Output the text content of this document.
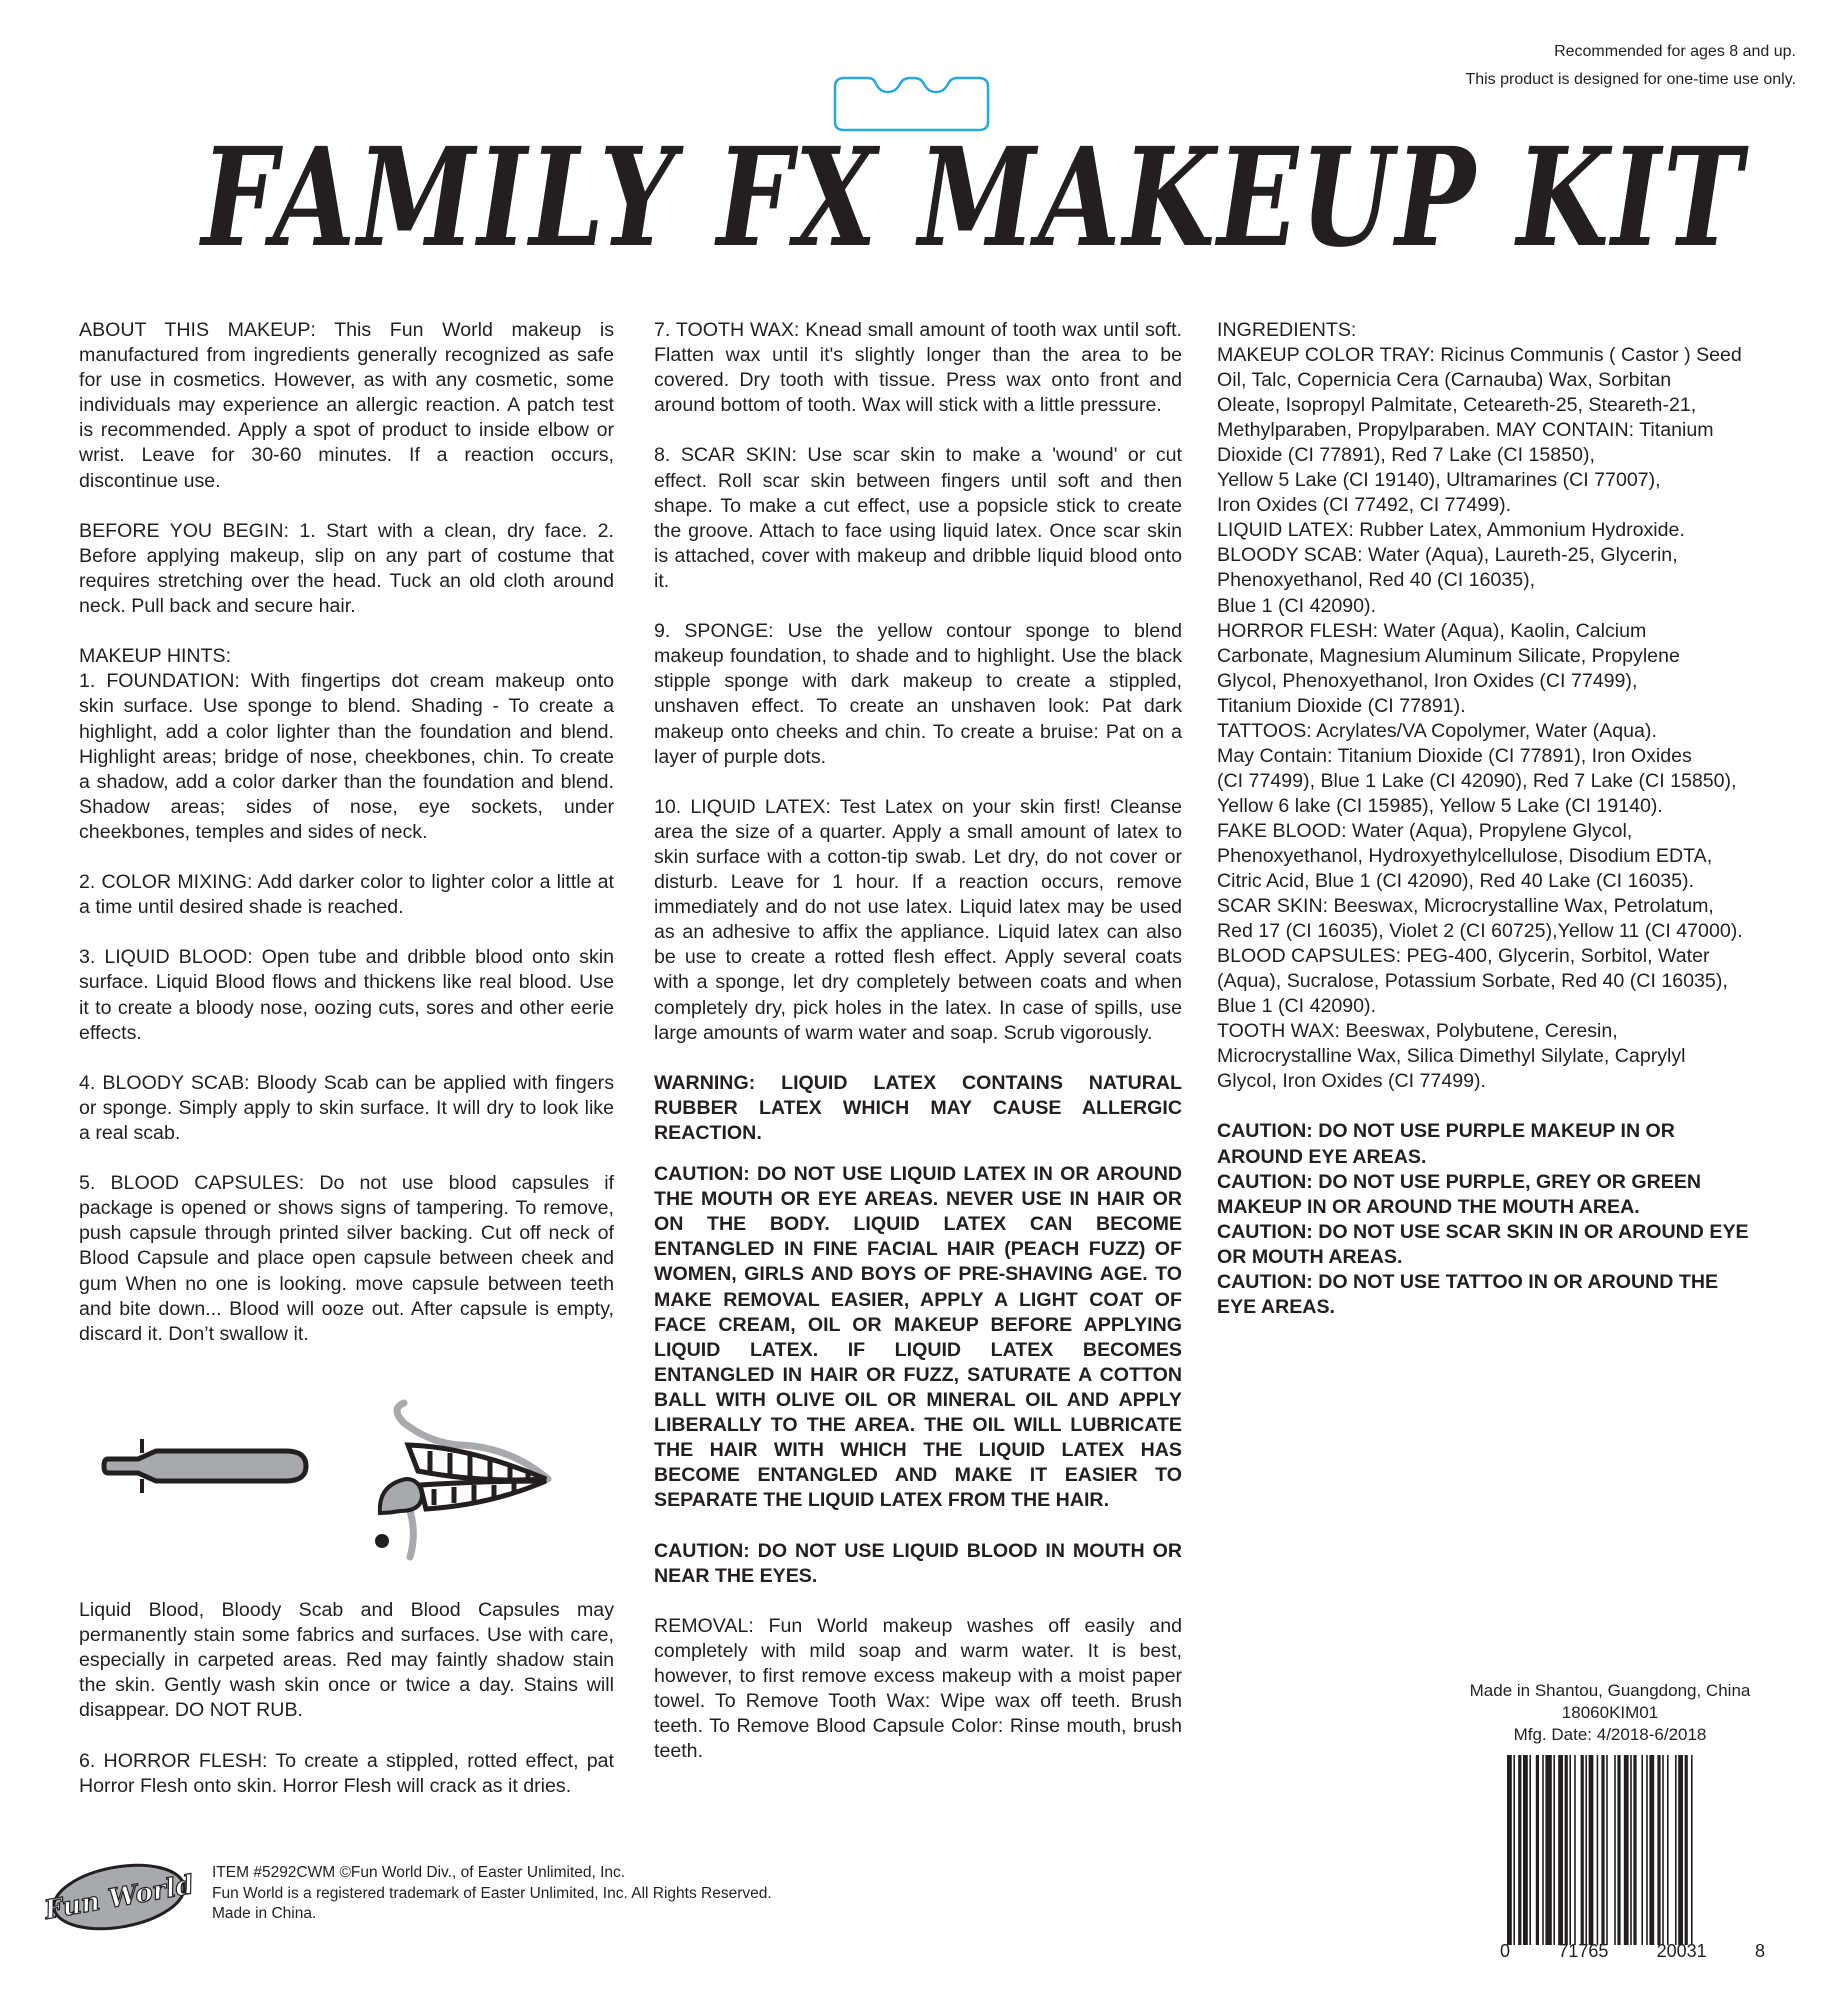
Recommended for ages 8 and up.
This product is designed for one-time use only.
FAMILY FX MAKEUP KIT

ABOUT THIS MAKEUP: This Fun World makeup is manufactured from ingredients generally recognized as safe for use in cosmetics. However, as with any cosmetic, some individuals may experience an allergic reaction. A patch test is recommended. Apply a spot of product to inside elbow or wrist. Leave for 30-60 minutes. If a reaction occurs, discontinue use.

BEFORE YOU BEGIN: 1. Start with a clean, dry face. 2. Before applying makeup, slip on any part of costume that requires stretching over the head. Tuck an old cloth around neck. Pull back and secure hair.

MAKEUP HINTS:

1. FOUNDATION: With fingertips dot cream makeup onto skin surface. Use sponge to blend. Shading - To create a highlight, add a color lighter than the foundation and blend. Highlight areas; bridge of nose, cheekbones, chin. To create a shadow, add a color darker than the foundation and blend. Shadow areas; sides of nose, eye sockets, under cheekbones, temples and sides of neck.

2. COLOR MIXING: Add darker color to lighter color a little at a time until desired shade is reached.

3. LIQUID BLOOD: Open tube and dribble blood onto skin surface. Liquid Blood flows and thickens like real blood. Use it to create a bloody nose, oozing cuts, sores and other eerie effects.

4. BLOODY SCAB: Bloody Scab can be applied with fingers or sponge. Simply apply to skin surface. It will dry to look like a real scab.

5. BLOOD CAPSULES: Do not use blood capsules if package is opened or shows signs of tampering. To remove, push capsule through printed silver backing. Cut off neck of Blood Capsule and place open capsule between cheek and gum When no one is looking. move capsule between teeth and bite down... Blood will ooze out. After capsule is empty, discard it. Don’t swallow it.

Liquid Blood, Bloody Scab and Blood Capsules may permanently stain some fabrics and surfaces. Use with care, especially in carpeted areas. Red may faintly shadow stain the skin. Gently wash skin once or twice a day. Stains will disappear. DO NOT RUB.

6. HORROR FLESH: To create a stippled, rotted effect, pat Horror Flesh onto skin. Horror Flesh will crack as it dries.

7. TOOTH WAX: Knead small amount of tooth wax until soft. Flatten wax until it's slightly longer than the area to be covered. Dry tooth with tissue. Press wax onto front and around bottom of tooth. Wax will stick with a little pressure.

8. SCAR SKIN: Use scar skin to make a 'wound' or cut effect. Roll scar skin between fingers until soft and then shape. To make a cut effect, use a popsicle stick to create the groove. Attach to face using liquid latex. Once scar skin is attached, cover with makeup and dribble liquid blood onto it.

9. SPONGE: Use the yellow contour sponge to blend makeup foundation, to shade and to highlight. Use the black stipple sponge with dark makeup to create a stippled, unshaven effect. To create an unshaven look: Pat dark makeup onto cheeks and chin. To create a bruise: Pat on a layer of purple dots.

10. LIQUID LATEX: Test Latex on your skin first! Cleanse area the size of a quarter. Apply a small amount of latex to skin surface with a cotton-tip swab. Let dry, do not cover or disturb. Leave for 1 hour. If a reaction occurs, remove immediately and do not use latex. Liquid latex may be used as an adhesive to affix the appliance. Liquid latex can also be use to create a rotted flesh effect. Apply several coats with a sponge, let dry completely between coats and when completely dry, pick holes in the latex. In case of spills, use large amounts of warm water and soap. Scrub vigorously.

WARNING: LIQUID LATEX CONTAINS NATURAL RUBBER LATEX WHICH MAY CAUSE ALLERGIC REACTION.

CAUTION: DO NOT USE LIQUID LATEX IN OR AROUND THE MOUTH OR EYE AREAS. NEVER USE IN HAIR OR ON THE BODY. LIQUID LATEX CAN BECOME ENTANGLED IN FINE FACIAL HAIR (PEACH FUZZ) OF WOMEN, GIRLS AND BOYS OF PRE-SHAVING AGE. TO MAKE REMOVAL EASIER, APPLY A LIGHT COAT OF FACE CREAM, OIL OR MAKEUP BEFORE APPLYING LIQUID LATEX. IF LIQUID LATEX BECOMES ENTANGLED IN HAIR OR FUZZ, SATURATE A COTTON BALL WITH OLIVE OIL OR MINERAL OIL AND APPLY LIBERALLY TO THE AREA. THE OIL WILL LUBRICATE THE HAIR WITH WHICH THE LIQUID LATEX HAS BECOME ENTANGLED AND MAKE IT EASIER TO SEPARATE THE LIQUID LATEX FROM THE HAIR.

CAUTION: DO NOT USE LIQUID BLOOD IN MOUTH OR NEAR THE EYES.

REMOVAL: Fun World makeup washes off easily and completely with mild soap and warm water. It is best, however, to first remove excess makeup with a moist paper towel. To Remove Tooth Wax: Wipe wax off teeth. Brush teeth. To Remove Blood Capsule Color: Rinse mouth, brush teeth.

INGREDIENTS:

MAKEUP COLOR TRAY: Ricinus Communis ( Castor ) Seed

Oil, Talc, Copernicia Cera (Carnauba) Wax, Sorbitan

Oleate, Isopropyl Palmitate, Ceteareth-25, Steareth-21,

Methylparaben, Propylparaben. MAY CONTAIN: Titanium

Dioxide (CI 77891), Red 7 Lake (CI 15850),

Yellow 5 Lake (CI 19140), Ultramarines (CI 77007),

Iron Oxides (CI 77492, CI 77499).

LIQUID LATEX: Rubber Latex, Ammonium Hydroxide.

BLOODY SCAB: Water (Aqua), Laureth-25, Glycerin,

Phenoxyethanol, Red 40 (CI 16035),

Blue 1 (CI 42090).

HORROR FLESH: Water (Aqua), Kaolin, Calcium

Carbonate, Magnesium Aluminum Silicate, Propylene

Glycol, Phenoxyethanol, Iron Oxides (CI 77499),

Titanium Dioxide (CI 77891).

TATTOOS: Acrylates/VA Copolymer, Water (Aqua).

May Contain: Titanium Dioxide (CI 77891), Iron Oxides

(CI 77499), Blue 1 Lake (CI 42090), Red 7 Lake (CI 15850),

Yellow 6 lake (CI 15985), Yellow 5 Lake (CI 19140).

FAKE BLOOD: Water (Aqua), Propylene Glycol,

Phenoxyethanol, Hydroxyethylcellulose, Disodium EDTA,

Citric Acid, Blue 1 (CI 42090), Red 40 Lake (CI 16035).

SCAR SKIN: Beeswax, Microcrystalline Wax, Petrolatum,

Red 17 (CI 16035), Violet 2 (CI 60725),Yellow 11 (CI 47000).

BLOOD CAPSULES: PEG-400, Glycerin, Sorbitol, Water

(Aqua), Sucralose, Potassium Sorbate, Red 40 (CI 16035),

Blue 1 (CI 42090).

TOOTH WAX: Beeswax, Polybutene, Ceresin,

Microcrystalline Wax, Silica Dimethyl Silylate, Caprylyl

Glycol, Iron Oxides (CI 77499).

CAUTION: DO NOT USE PURPLE MAKEUP IN OR AROUND EYE AREAS.
CAUTION: DO NOT USE PURPLE, GREY OR GREEN MAKEUP IN OR AROUND THE MOUTH AREA.
CAUTION: DO NOT USE SCAR SKIN IN OR AROUND EYE OR MOUTH AREAS.
CAUTION: DO NOT USE TATTOO IN OR AROUND THE EYE AREAS.
Made in Shantou, Guangdong, China
18060KIM01
Mfg. Date: 4/2018-6/2018
0	71765	20031	8
Fun World ITEM #5292CWM ©Fun World Div., of Easter Unlimited, Inc.
Fun World is a registered trademark of Easter Unlimited, Inc. All Rights Reserved.
Made in China.
